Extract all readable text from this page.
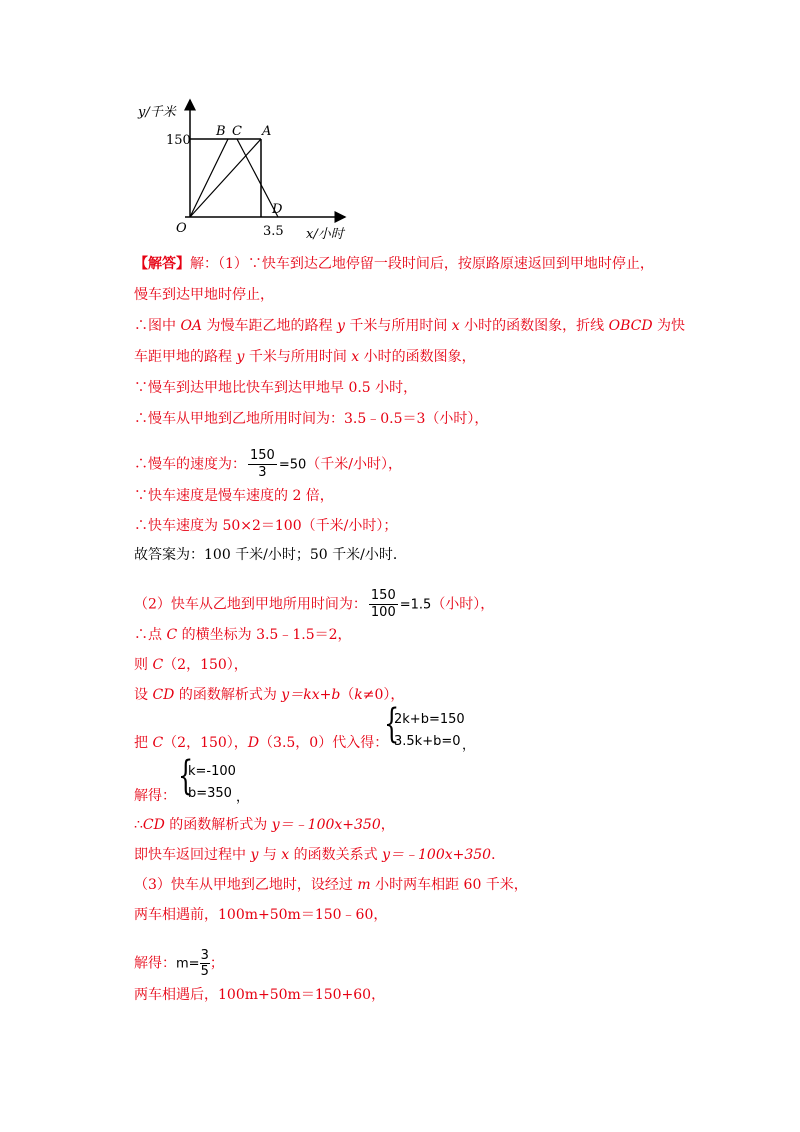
y/千米
150
B C A
D
O	3.5 x/小时
【解答】解：（1）∵快车到达乙地停留一段时间后，按原路原速返回到甲地时停止，
慢车到达甲地时停止，
∴图中 OA 为慢车距乙地的路程 y 千米与所用时间 x 小时的函数图象，折线 OBCD 为快
车距甲地的路程 y 千米与所用时间 x 小时的函数图象，
∵慢车到达甲地比快车到达甲地早 0.5 小时，
∴慢车从甲地到乙地所用时间为：3.5﹣0.5＝3（小时），
∴慢车的速度为： $\frac{150}{3} =50$（千米/小时），
∵快车速度是慢车速度的 2 倍，
∴快车速度为 50×2＝100（千米/小时）；
故答案为：100 千米/小时；50 千米/小时．
（2）快车从乙地到甲地所用时间为： $\frac{150}{100} =1.5$（小时），
∴点 C 的横坐标为 3.5﹣1.5＝2，
则 C（2，150），
设 CD 的函数解析式为 y＝kx+b（k≠0），
把 C（2，150），D（3.5，0）代入得：
{
2k+b=150
3.5k+b=0 ，
{
k=-100
b=350 ，
解得：
∴CD 的函数解析式为 y＝﹣100x+350，
即快车返回过程中 y 与 x 的函数关系式 y＝﹣100x+350．
（3）快车从甲地到乙地时，设经过 m 小时两车相距 60 千米，
两车相遇前，100m+50m＝150﹣60，
解得：$m= \frac{3}{5}$ ；
两车相遇后，100m+50m＝150+60，
